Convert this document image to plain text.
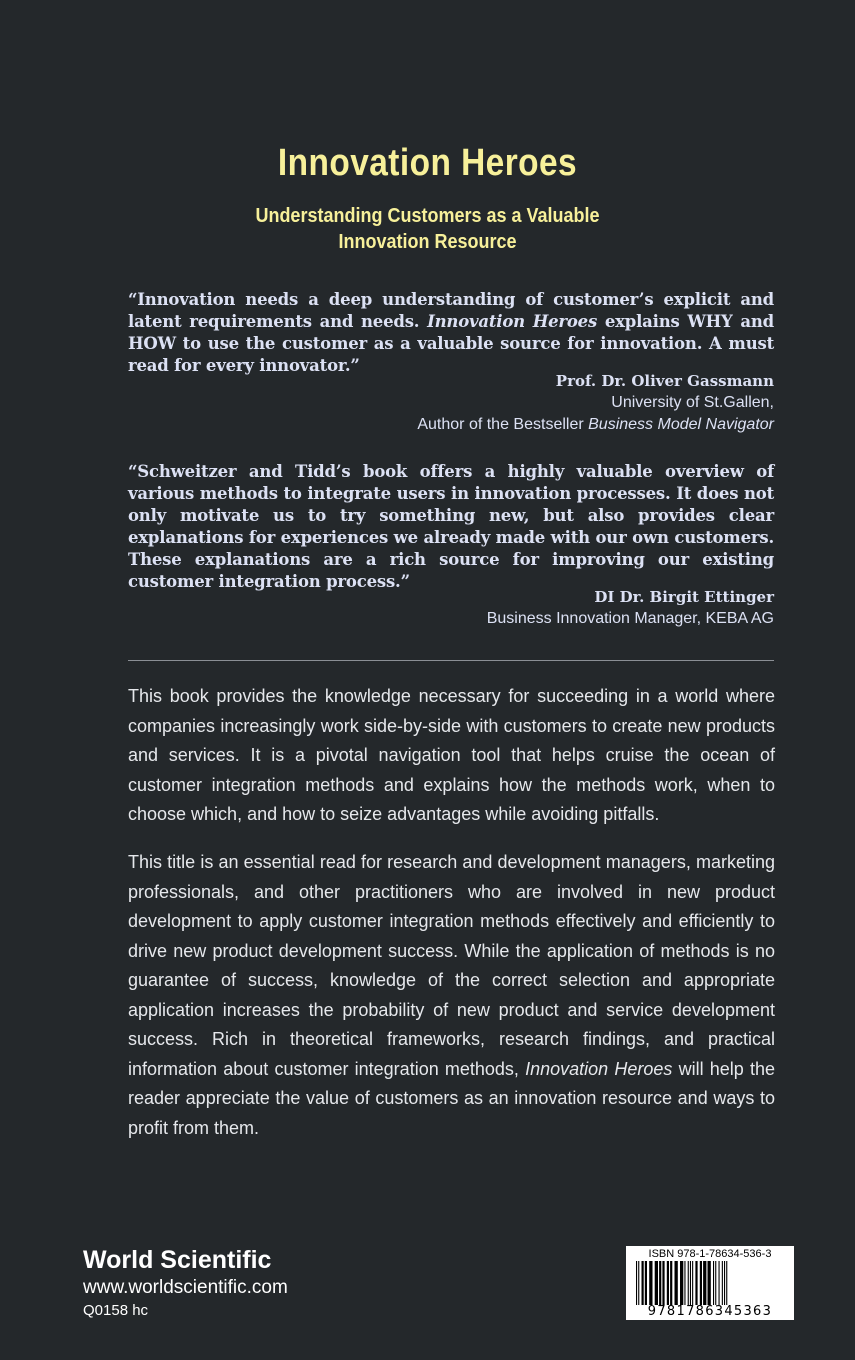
Innovation Heroes
Understanding Customers as a Valuable
Innovation Resource
“Innovation needs a deep understanding of customer’s explicit and latent requirements and needs. Innovation Heroes explains WHY and HOW to use the customer as a valuable source for innovation. A must read for every innovator.”
Prof. Dr. Oliver Gassmann
University of St.Gallen,
Author of the Bestseller Business Model Navigator
“Schweitzer and Tidd’s book offers a highly valuable overview of various methods to integrate users in innovation processes. It does not only motivate us to try something new, but also provides clear explanations for experiences we already made with our own customers. These explanations are a rich source for improving our existing customer integration process.”
DI Dr. Birgit Ettinger
Business Innovation Manager, KEBA AG
This book provides the knowledge necessary for succeeding in a world where companies increasingly work side-by-side with customers to create new products and services. It is a pivotal navigation tool that helps cruise the ocean of customer integration methods and explains how the methods work, when to choose which, and how to seize advantages while avoiding pitfalls.
This title is an essential read for research and development managers, marketing professionals, and other practitioners who are involved in new product development to apply customer integration methods effectively and efficiently to drive new product development success. While the application of methods is no guarantee of success, knowledge of the correct selection and appropriate application increases the probability of new product and service development success. Rich in theoretical frameworks, research findings, and practical information about customer integration methods, Innovation Heroes will help the reader appreciate the value of customers as an innovation resource and ways to profit from them.
World Scientific
www.worldscientific.com
Q0158 hc
ISBN 978-1-78634-536-3
9781786345363
